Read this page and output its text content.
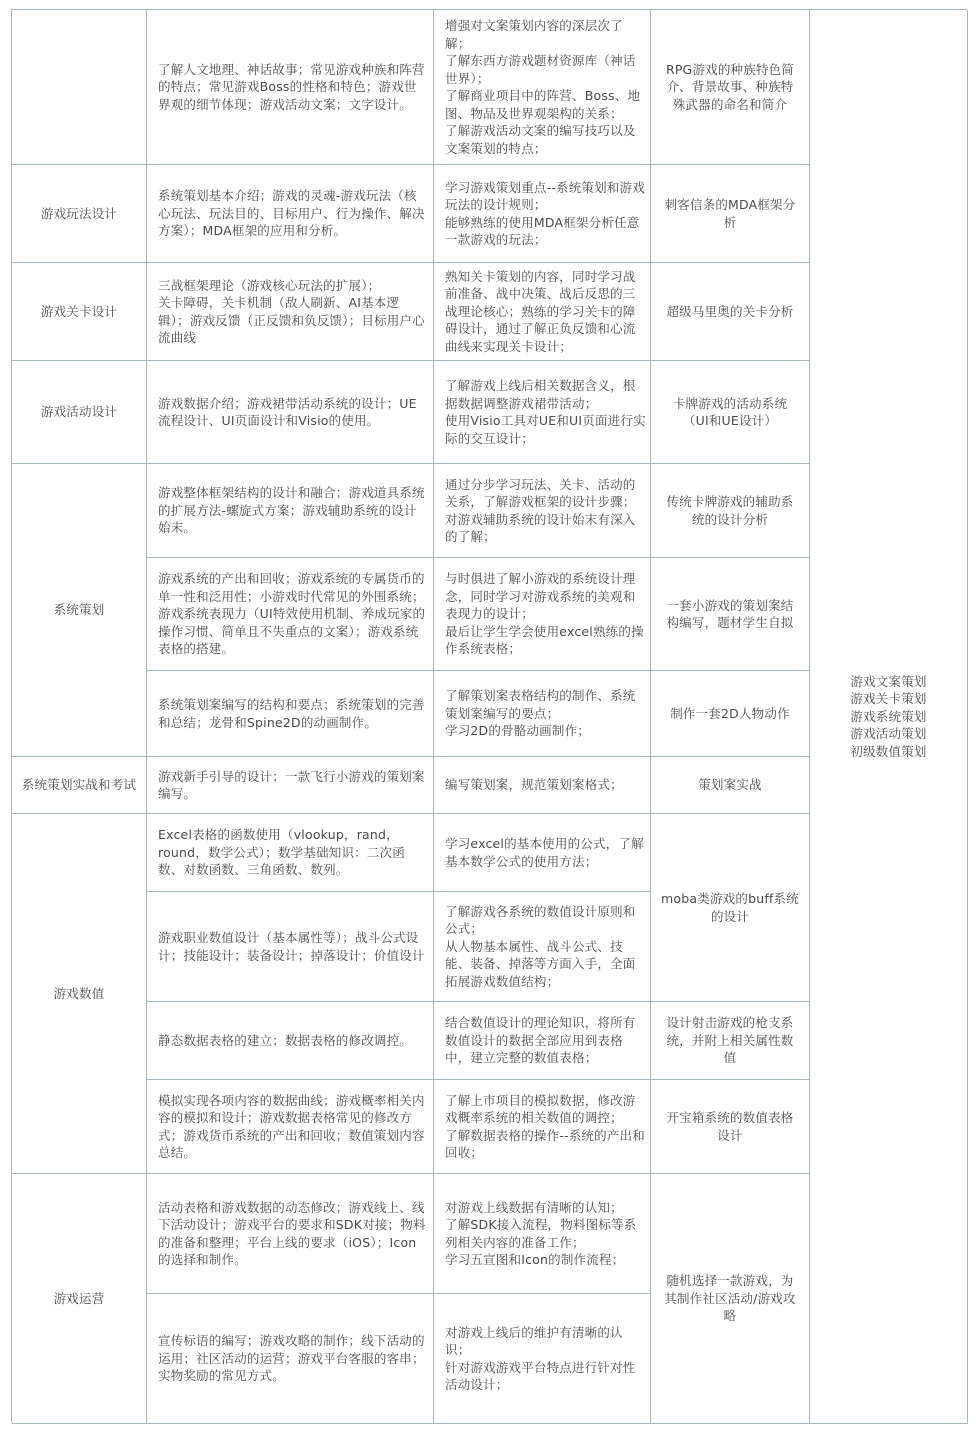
游戏玩法设计
游戏关卡设计
游戏活动设计
系统策划
系统策划实战和考试
游戏数值
游戏运营
了解人文地理、神话故事；常见游戏种族和阵营的特点；常见游戏Boss的性格和特色；游戏世界观的细节体现；游戏活动文案；文字设计。
系统策划基本介绍；游戏的灵魂-游戏玩法（核心玩法、玩法目的、目标用户、行为操作、解决方案）；MDA框架的应用和分析。
三战框架理论（游戏核心玩法的扩展）；
关卡障碍，关卡机制（敌人刷新、AI基本逻辑）；游戏反馈（正反馈和负反馈）；目标用户心流曲线
游戏数据介绍；游戏裙带活动系统的设计；UE流程设计、UI页面设计和Visio的使用。
游戏整体框架结构的设计和融合；游戏道具系统的扩展方法-螺旋式方案；游戏辅助系统的设计始末。
游戏系统的产出和回收；游戏系统的专属货币的单一性和泛用性；小游戏时代常见的外围系统；游戏系统表现力（UI特效使用机制、养成玩家的操作习惯、简单且不失重点的文案）；游戏系统表格的搭建。
系统策划案编写的结构和要点；系统策划的完善和总结；龙骨和Spine2D的动画制作。
游戏新手引导的设计；一款飞行小游戏的策划案编写。
Excel表格的函数使用（vlookup，rand，round，数学公式）；数学基础知识：二次函数、对数函数、三角函数、数列。
游戏职业数值设计（基本属性等）；战斗公式设计；技能设计；装备设计；掉落设计；价值设计
静态数据表格的建立；数据表格的修改调控。
模拟实现各项内容的数据曲线；游戏概率相关内容的模拟和设计；游戏数据表格常见的修改方式；游戏货币系统的产出和回收；数值策划内容总结。
活动表格和游戏数据的动态修改；游戏线上、线下活动设计；游戏平台的要求和SDK对接；物料的准备和整理；平台上线的要求（iOS）；Icon的选择和制作。
宣传标语的编写；游戏攻略的制作；线下活动的运用；社区活动的运营；游戏平台客服的客串；实物奖励的常见方式。
增强对文案策划内容的深层次了解；
了解东西方游戏题材资源库（神话世界）；
了解商业项目中的阵营、Boss、地图、物品及世界观架构的关系；
了解游戏活动文案的编写技巧以及文案策划的特点；
学习游戏策划重点--系统策划和游戏玩法的设计规则；
能够熟练的使用MDA框架分析任意一款游戏的玩法；
熟知关卡策划的内容，同时学习战前准备、战中决策、战后反思的三战理论核心；熟练的学习关卡的障碍设计，通过了解正负反馈和心流曲线来实现关卡设计；
了解游戏上线后相关数据含义，根据数据调整游戏裙带活动；
使用Visio工具对UE和UI页面进行实际的交互设计；
通过分步学习玩法、关卡、活动的关系，了解游戏框架的设计步骤；
对游戏辅助系统的设计始末有深入的了解；
与时俱进了解小游戏的系统设计理念，同时学习对游戏系统的美观和表现力的设计；
最后让学生学会使用excel熟练的操作系统表格；
了解策划案表格结构的制作、系统策划案编写的要点；
学习2D的骨骼动画制作；
编写策划案，规范策划案格式；
学习excel的基本使用的公式，了解基本数学公式的使用方法；
了解游戏各系统的数值设计原则和公式；
从人物基本属性、战斗公式、技能、装备、掉落等方面入手，全面拓展游戏数值结构；
结合数值设计的理论知识，将所有数值设计的数据全部应用到表格中，建立完整的数值表格；
了解上市项目的模拟数据，修改游戏概率系统的相关数值的调控；
了解数据表格的操作--系统的产出和回收；
对游戏上线数据有清晰的认知；
了解SDK接入流程，物料图标等系列相关内容的准备工作；
学习五宣图和Icon的制作流程；
对游戏上线后的维护有清晰的认识；
针对游戏游戏平台特点进行针对性活动设计；
RPG游戏的种族特色简介、背景故事、种族特殊武器的命名和简介
刺客信条的MDA框架分析
超级马里奥的关卡分析
卡牌游戏的活动系统（UI和UE设计）
传统卡牌游戏的辅助系统的设计分析
一套小游戏的策划案结构编写，题材学生自拟
制作一套2D人物动作
策划案实战
moba类游戏的buff系统的设计
设计射击游戏的枪支系统，并附上相关属性数值
开宝箱系统的数值表格设计
随机选择一款游戏，为其制作社区活动/游戏攻略
游戏文案策划
游戏关卡策划
游戏系统策划
游戏活动策划
初级数值策划
